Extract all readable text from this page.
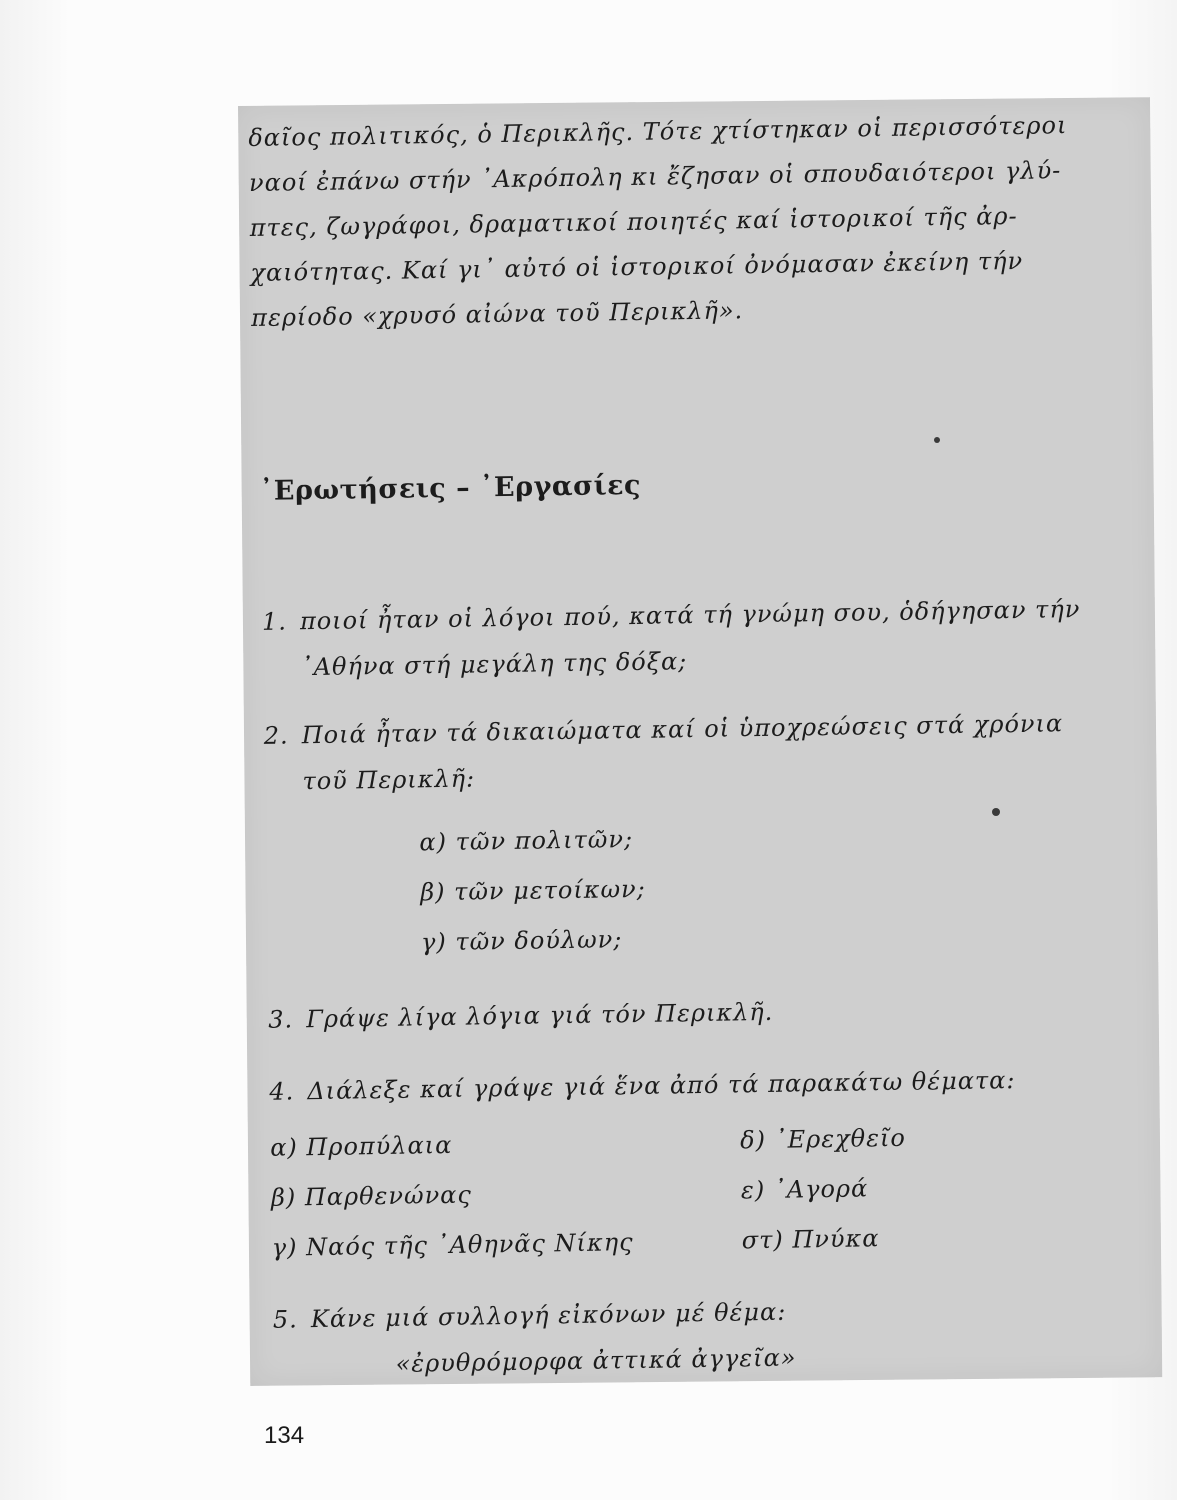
δαῖος πολιτικός, ὁ Περικλῆς. Τότε χτίστηκαν οἱ περισσότεροι

ναοί ἐπάνω στήν ᾿Ακρόπολη κι ἔζησαν οἱ σπουδαιότεροι γλύ-

πτες, ζωγράφοι, δραματικοί ποιητές καί ἱστορικοί τῆς ἀρ-

χαιότητας. Καί γι᾿ αὐτό οἱ ἱστορικοί ὀνόμασαν ἐκείνη τήν

περίοδο «χρυσό αἰώνα τοῦ Περικλῆ».

᾿Ερωτήσεις – ᾿Εργασίες
1. ποιοί ἦταν οἱ λόγοι πού, κατά τή γνώμη σου, ὁδήγησαν τήν
᾿Αθήνα στή μεγάλη της δόξα;
2. Ποιά ἦταν τά δικαιώματα καί οἱ ὑποχρεώσεις στά χρόνια
τοῦ Περικλῆ:
α) τῶν πολιτῶν;
β) τῶν μετοίκων;
γ) τῶν δούλων;
3. Γράψε λίγα λόγια γιά τόν Περικλῆ.
4. Διάλεξε καί γράψε γιά ἕνα ἀπό τά παρακάτω θέματα:
α) Προπύλαια
β) Παρθενώνας
γ) Ναός τῆς ᾿Αθηνᾶς Νίκης
δ) ᾿Ερεχθεῖο
ε) ᾿Αγορά
στ) Πνύκα
5. Κάνε μιά συλλογή εἰκόνων μέ θέμα:
«ἐρυθρόμορφα ἀττικά ἀγγεῖα»
134
